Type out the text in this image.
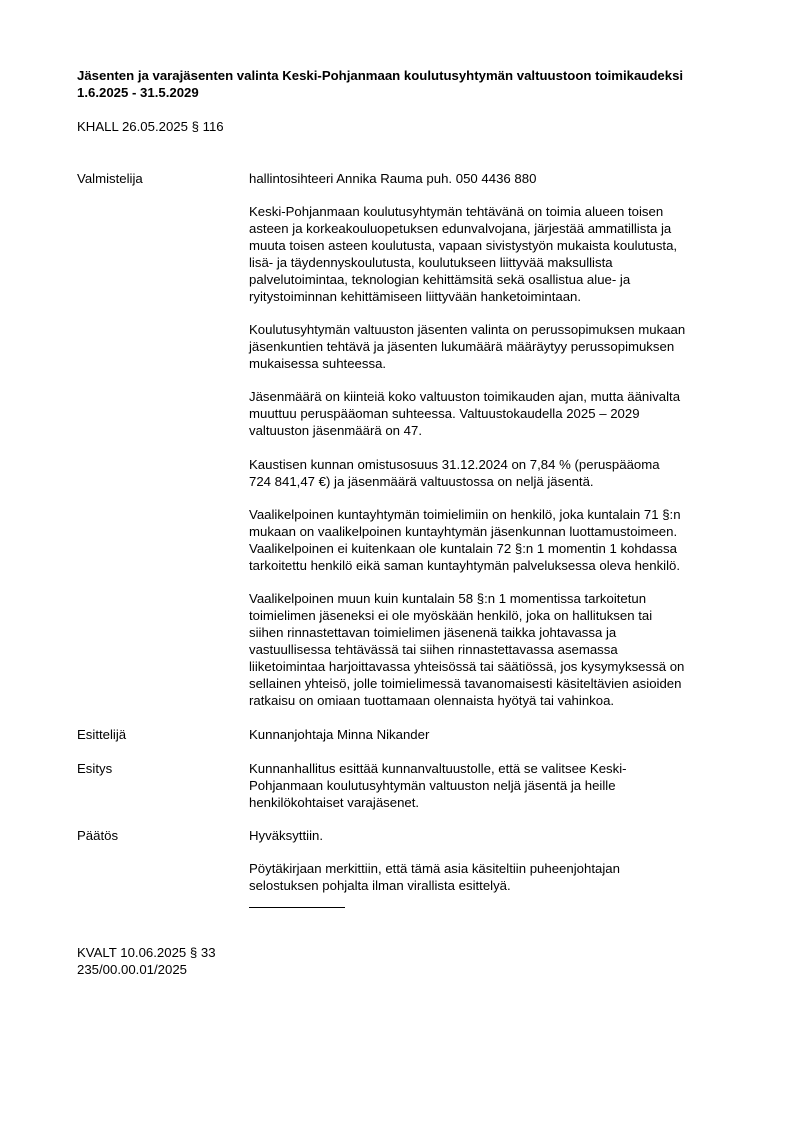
Jäsenten ja varajäsenten valinta Keski-Pohjanmaan koulutusyhtymän valtuustoon toimikaudeksi 1.6.2025 - 31.5.2029

KHALL 26.05.2025 § 116

Valmistelija	hallintosihteeri Annika Rauma puh. 050 4436 880

Keski-Pohjanmaan koulutusyhtymän tehtävänä on toimia alueen toisen
asteen ja korkeakouluopetuksen edunvalvojana, järjestää ammatillista ja
muuta toisen asteen koulutusta, vapaan sivistystyön mukaista koulutusta,
lisä- ja täydennyskoulutusta, koulutukseen liittyvää maksullista
palvelutoimintaa, teknologian kehittämsitä sekä osallistua alue- ja
ryitystoiminnan kehittämiseen liittyvään hanketoimintaan.

Koulutusyhtymän valtuuston jäsenten valinta on perussopimuksen mukaan
jäsenkuntien tehtävä ja jäsenten lukumäärä määräytyy perussopimuksen
mukaisessa suhteessa.

Jäsenmäärä on kiinteiä koko valtuuston toimikauden ajan, mutta äänivalta
muuttuu peruspääoman suhteessa. Valtuustokaudella 2025 – 2029
valtuuston jäsenmäärä on 47.

Kaustisen kunnan omistusosuus 31.12.2024 on 7,84 % (peruspääoma
724 841,47 €) ja jäsenmäärä valtuustossa on neljä jäsentä.

Vaalikelpoinen kuntayhtymän toimielimiin on henkilö, joka kuntalain 71 §:n
mukaan on vaalikelpoinen kuntayhtymän jäsenkunnan luottamustoimeen.
Vaalikelpoinen ei kuitenkaan ole kuntalain 72 §:n 1 momentin 1 kohdassa
tarkoitettu henkilö eikä saman kuntayhtymän palveluksessa oleva henkilö.

Vaalikelpoinen muun kuin kuntalain 58 §:n 1 momentissa tarkoitetun
toimielimen jäseneksi ei ole myöskään henkilö, joka on hallituksen tai
siihen rinnastettavan toimielimen jäsenenä taikka johtavassa ja
vastuullisessa tehtävässä tai siihen rinnastettavassa asemassa
liiketoimintaa harjoittavassa yhteisössä tai säätiössä, jos kysymyksessä on
sellainen yhteisö, jolle toimielimessä tavanomaisesti käsiteltävien asioiden
ratkaisu on omiaan tuottamaan olennaista hyötyä tai vahinkoa.

Esittelijä	Kunnanjohtaja Minna Nikander

Esitys	Kunnanhallitus esittää kunnanvaltuustolle, että se valitsee Keski-
Pohjanmaan koulutusyhtymän valtuuston neljä jäsentä ja heille
henkilökohtaiset varajäsenet.

Päätös	Hyväksyttiin.

Pöytäkirjaan merkittiin, että tämä asia käsiteltiin puheenjohtajan
selostuksen pohjalta ilman virallista esittelyä.

KVALT 10.06.2025 § 33
235/00.00.01/2025
